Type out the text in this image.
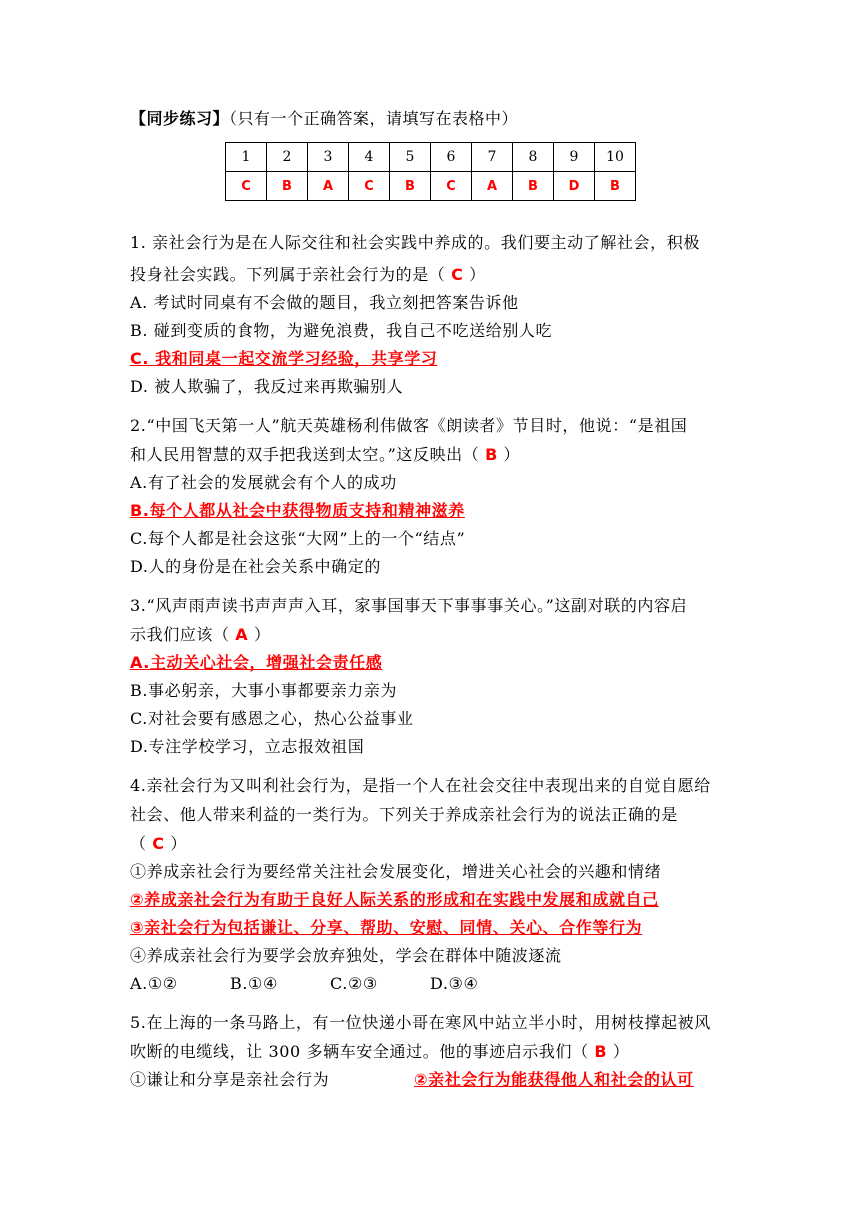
【同步练习】（只有一个正确答案，请填写在表格中）
1	2	3	4	5	6	7	8	9	10
C	B	A	C	B	C	A	B	D	B
1. 亲社会行为是在人际交往和社会实践中养成的。我们要主动了解社会，积极
投身社会实践。下列属于亲社会行为的是（ C ）
A. 考试时同桌有不会做的题目，我立刻把答案告诉他
B. 碰到变质的食物，为避免浪费，我自己不吃送给别人吃
C. 我和同桌一起交流学习经验，共享学习
D. 被人欺骗了，我反过来再欺骗别人
2.“中国飞天第一人”航天英雄杨利伟做客《朗读者》节目时，他说：“是祖国
和人民用智慧的双手把我送到太空。”这反映出（ B ）
A.有了社会的发展就会有个人的成功
B.每个人都从社会中获得物质支持和精神滋养
C.每个人都是社会这张“大网”上的一个“结点”
D.人的身份是在社会关系中确定的
3.“风声雨声读书声声声入耳，家事国事天下事事事关心。”这副对联的内容启
示我们应该（ A ）
A.主动关心社会，增强社会责任感
B.事必躬亲，大事小事都要亲力亲为
C.对社会要有感恩之心，热心公益事业
D.专注学校学习，立志报效祖国
4.亲社会行为又叫利社会行为，是指一个人在社会交往中表现出来的自觉自愿给
社会、他人带来利益的一类行为。下列关于养成亲社会行为的说法正确的是
（ C ）
①养成亲社会行为要经常关注社会发展变化，增进关心社会的兴趣和情绪
②养成亲社会行为有助于良好人际关系的形成和在实践中发展和成就自己
③亲社会行为包括谦让、分享、帮助、安慰、同情、关心、合作等行为
④养成亲社会行为要学会放弃独处，学会在群体中随波逐流
A.①②	B.①④	C.②③	D.③④
5.在上海的一条马路上，有一位快递小哥在寒风中站立半小时，用树枝撑起被风
吹断的电缆线，让 300 多辆车安全通过。他的事迹启示我们（ B ）
①谦让和分享是亲社会行为	②亲社会行为能获得他人和社会的认可
